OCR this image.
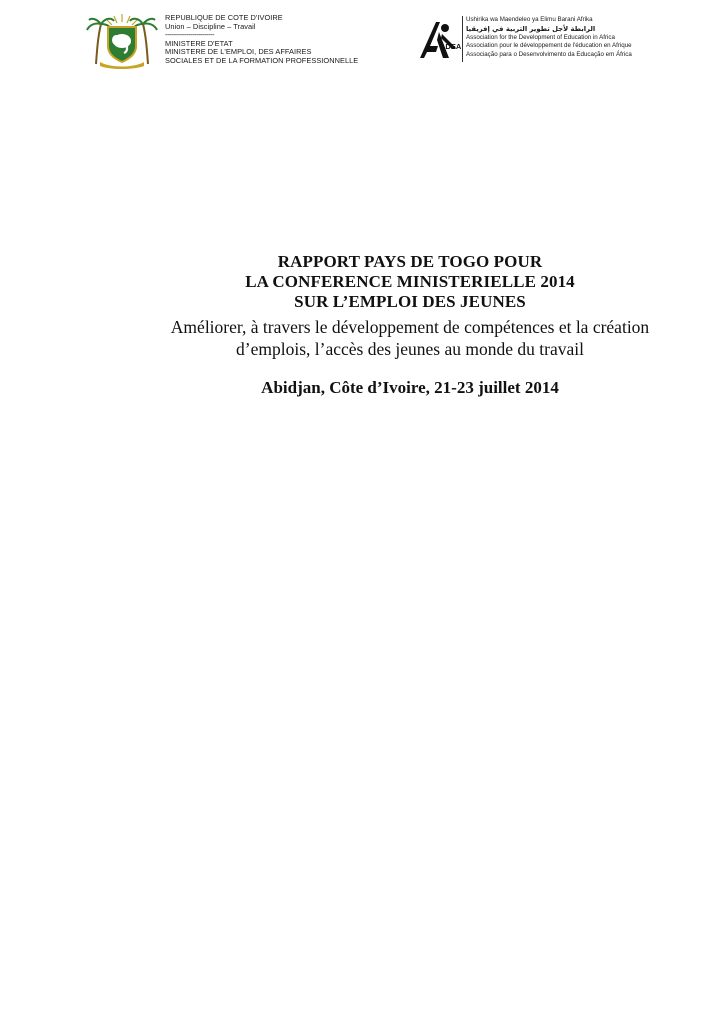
REPUBLIQUE DE COTE D'IVOIRE
Union – Discipline – Travail
-------------------------
MINISTERE D'ETAT
MINISTERE DE L'EMPLOI, DES AFFAIRES
SOCIALES ET DE LA FORMATION PROFESSIONNELLE
ADEA
Ushirika wa Maendeleo ya Elimu Barani Afrika
الرابطة لأجل تطوير التربية في إفريقيا
Association for the Development of Education in Africa
Association pour le développement de l'éducation en Afrique
Associação para o Desenvolvimento da Educação em África
RAPPORT PAYS DE TOGO POUR
LA CONFERENCE MINISTERIELLE 2014
SUR L’EMPLOI DES JEUNES
Améliorer, à travers le développement de compétences et la création
d’emplois, l’accès des jeunes au monde du travail
Abidjan, Côte d’Ivoire, 21-23 juillet 2014
